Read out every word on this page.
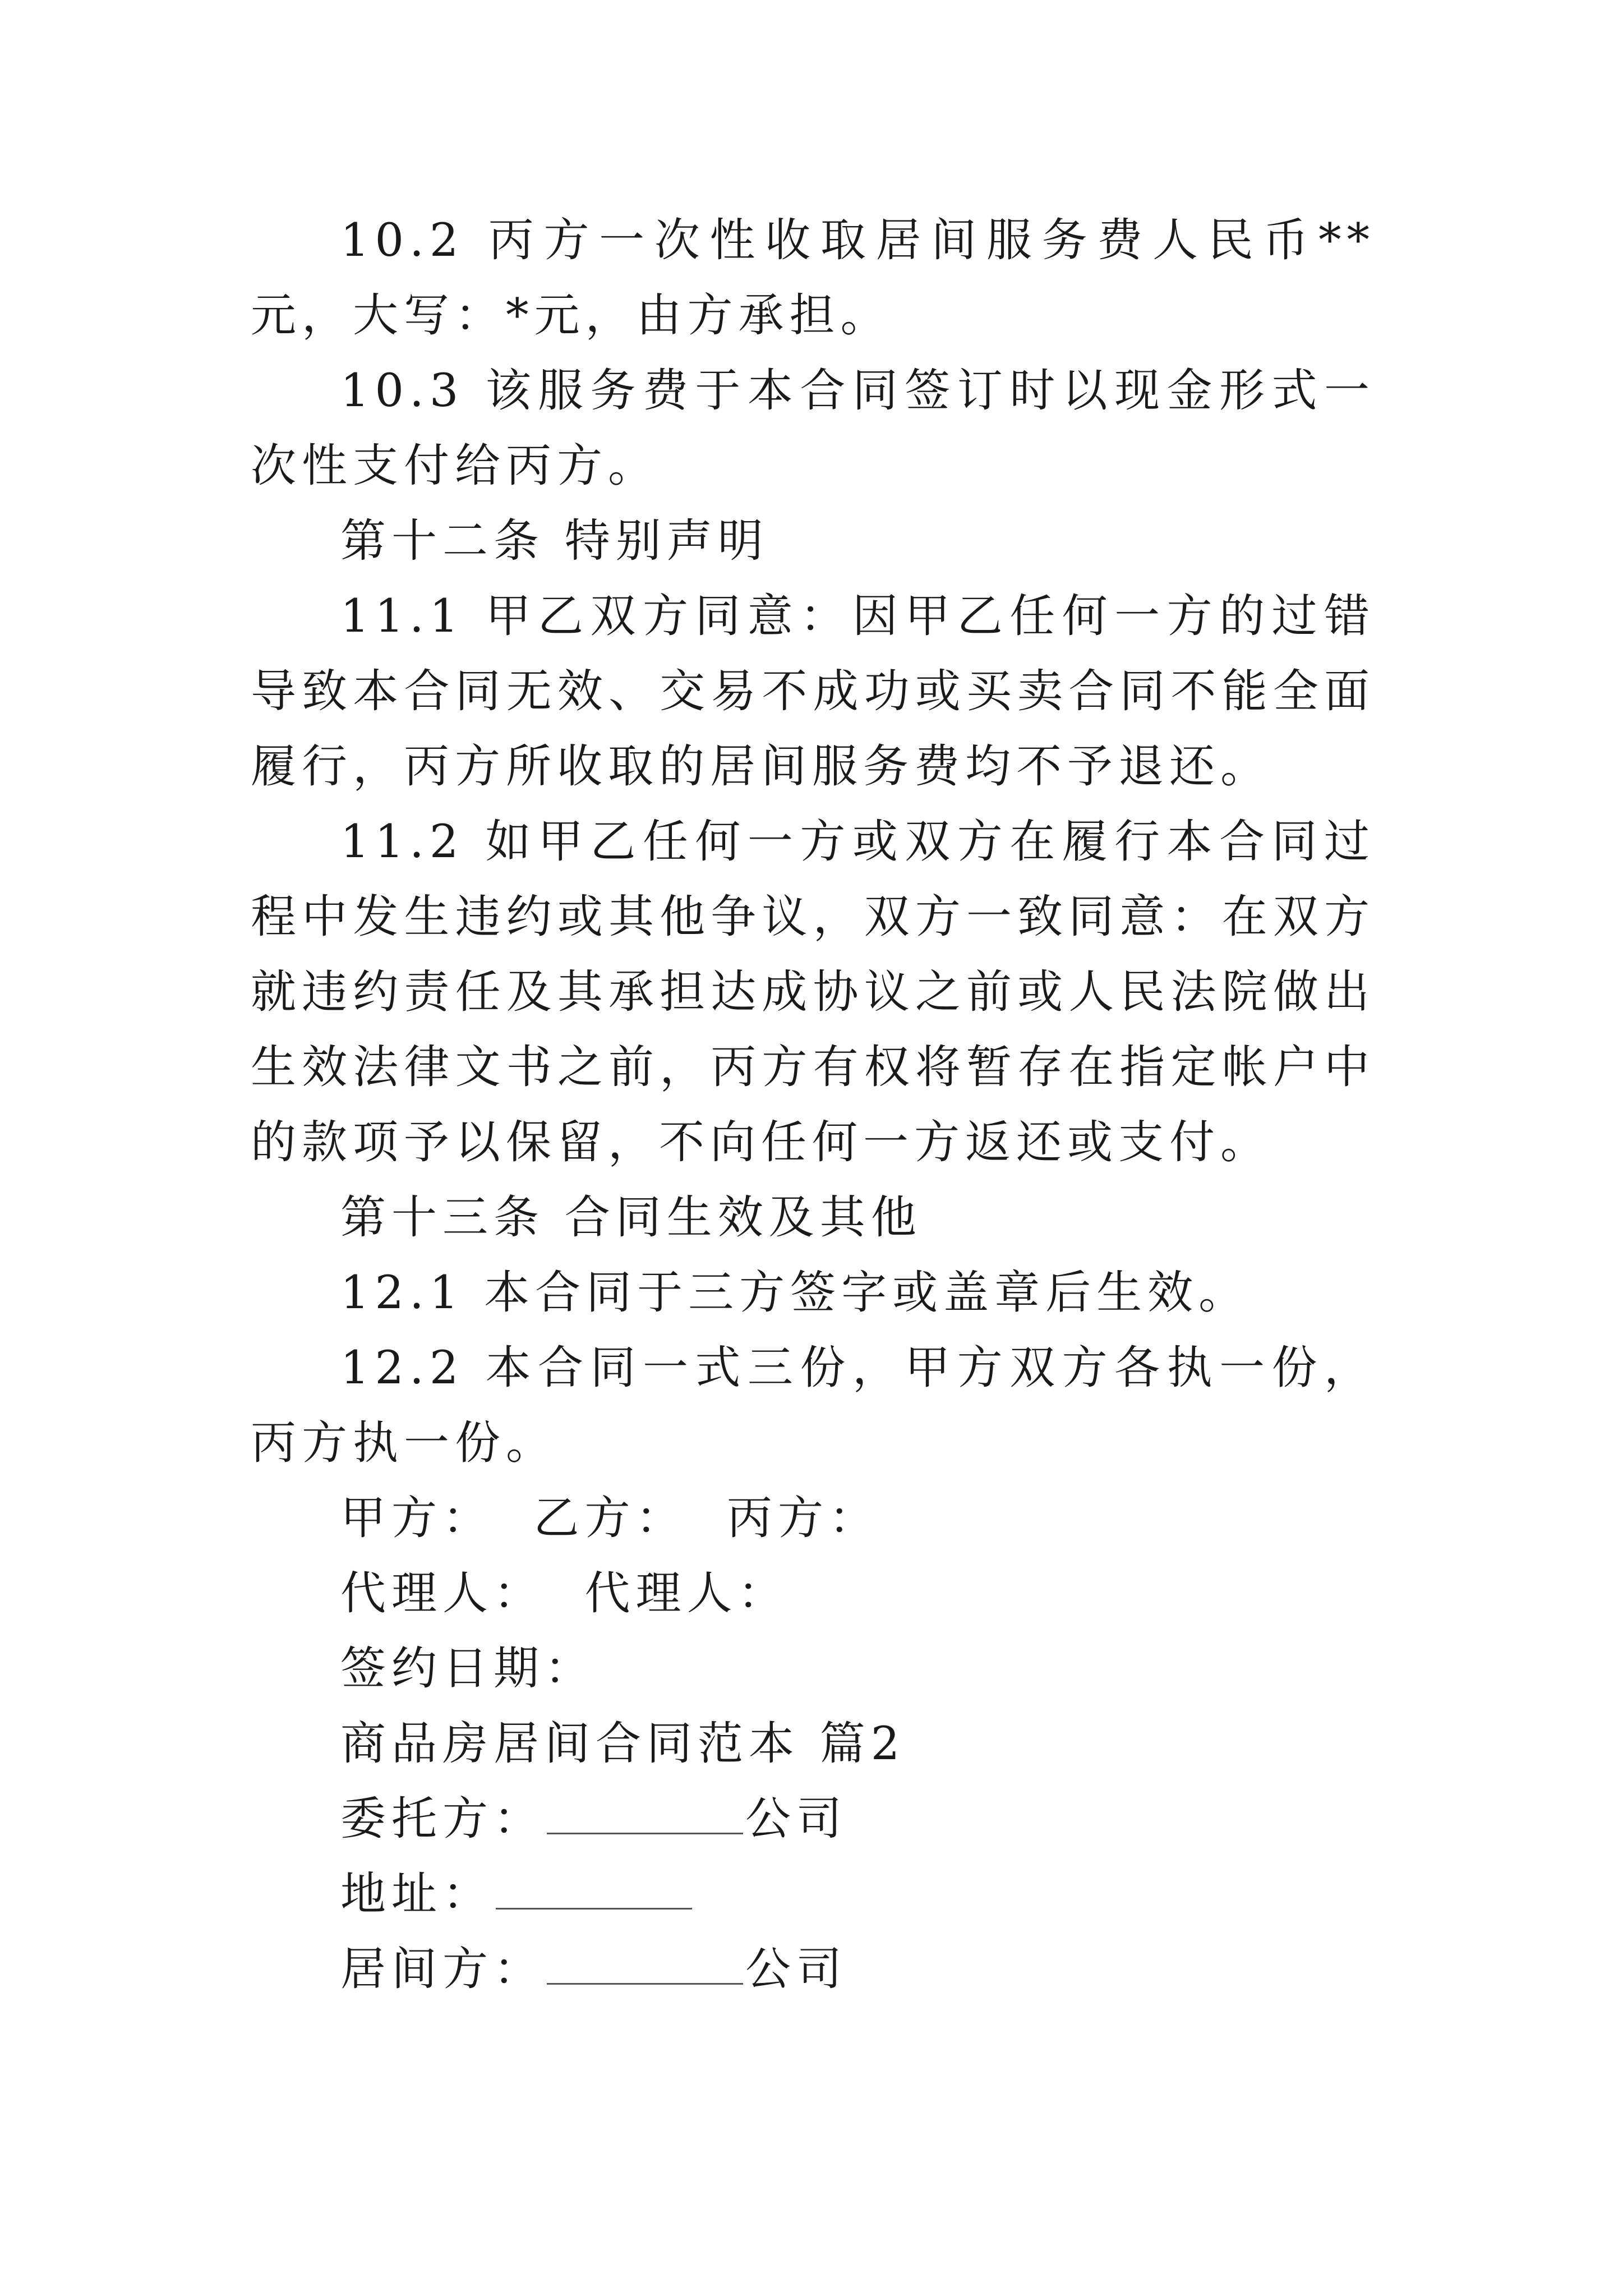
10.2 丙方一次性收取居间服务费人民币**元，大写：*元，由方承担。

10.3 该服务费于本合同签订时以现金形式一次性支付给丙方。

第十二条 特别声明

11.1 甲乙双方同意：因甲乙任何一方的过错导致本合同无效、交易不成功或买卖合同不能全面履行，丙方所收取的居间服务费均不予退还。

11.2 如甲乙任何一方或双方在履行本合同过程中发生违约或其他争议，双方一致同意：在双方就违约责任及其承担达成协议之前或人民法院做出生效法律文书之前，丙方有权将暂存在指定帐户中的款项予以保留，不向任何一方返还或支付。

第十三条 合同生效及其他

12.1 本合同于三方签字或盖章后生效。

12.2 本合同一式三份，甲方双方各执一份，丙方执一份。

甲方：  乙方：  丙方：

代理人：  代理人：

签约日期：

商品房居间合同范本 篇2

委托方：	公司

地址：

居间方：	公司
